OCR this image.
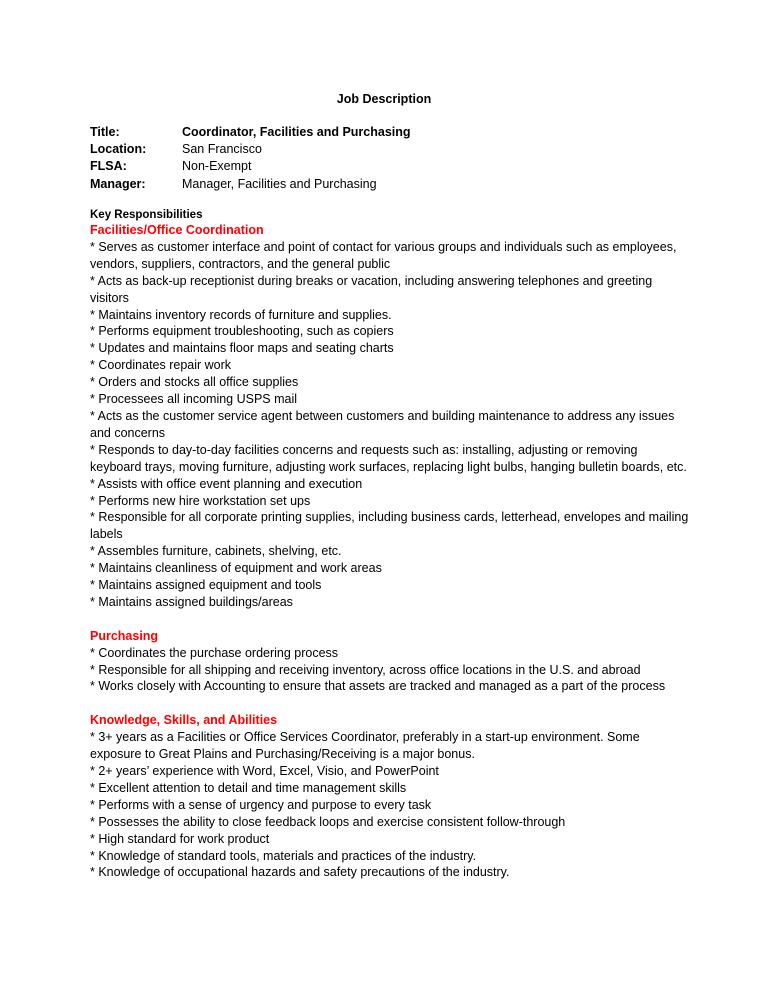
Job Description
Title:	Coordinator, Facilities and Purchasing
Location:	San Francisco
FLSA:	Non-Exempt
Manager:	Manager, Facilities and Purchasing
Key Responsibilities
Facilities/Office Coordination
* Serves as customer interface and point of contact for various groups and individuals such as employees, vendors, suppliers, contractors, and the general public
* Acts as back-up receptionist during breaks or vacation, including answering telephones and greeting visitors
* Maintains inventory records of furniture and supplies.
* Performs equipment troubleshooting, such as copiers
* Updates and maintains floor maps and seating charts
* Coordinates repair work
* Orders and stocks all office supplies
* Processees all incoming USPS mail
* Acts as the customer service agent between customers and building maintenance to address any issues and concerns
* Responds to day-to-day facilities concerns and requests such as: installing, adjusting or removing keyboard trays, moving furniture, adjusting work surfaces, replacing light bulbs, hanging bulletin boards, etc.
* Assists with office event planning and execution
* Performs new hire workstation set ups
* Responsible for all corporate printing supplies, including business cards, letterhead, envelopes and mailing labels
* Assembles furniture, cabinets, shelving, etc.
* Maintains cleanliness of equipment and work areas
* Maintains assigned equipment and tools
* Maintains assigned buildings/areas
Purchasing
* Coordinates the purchase ordering process
* Responsible for all shipping and receiving inventory, across office locations in the U.S. and abroad
* Works closely with Accounting to ensure that assets are tracked and managed as a part of the process
Knowledge, Skills, and Abilities
* 3+ years as a Facilities or Office Services Coordinator, preferably in a start-up environment. Some exposure to Great Plains and Purchasing/Receiving is a major bonus.
* 2+ years’ experience with Word, Excel, Visio, and PowerPoint
* Excellent attention to detail and time management skills
* Performs with a sense of urgency and purpose to every task
* Possesses the ability to close feedback loops and exercise consistent follow-through
* High standard for work product
* Knowledge of standard tools, materials and practices of the industry.
* Knowledge of occupational hazards and safety precautions of the industry.
